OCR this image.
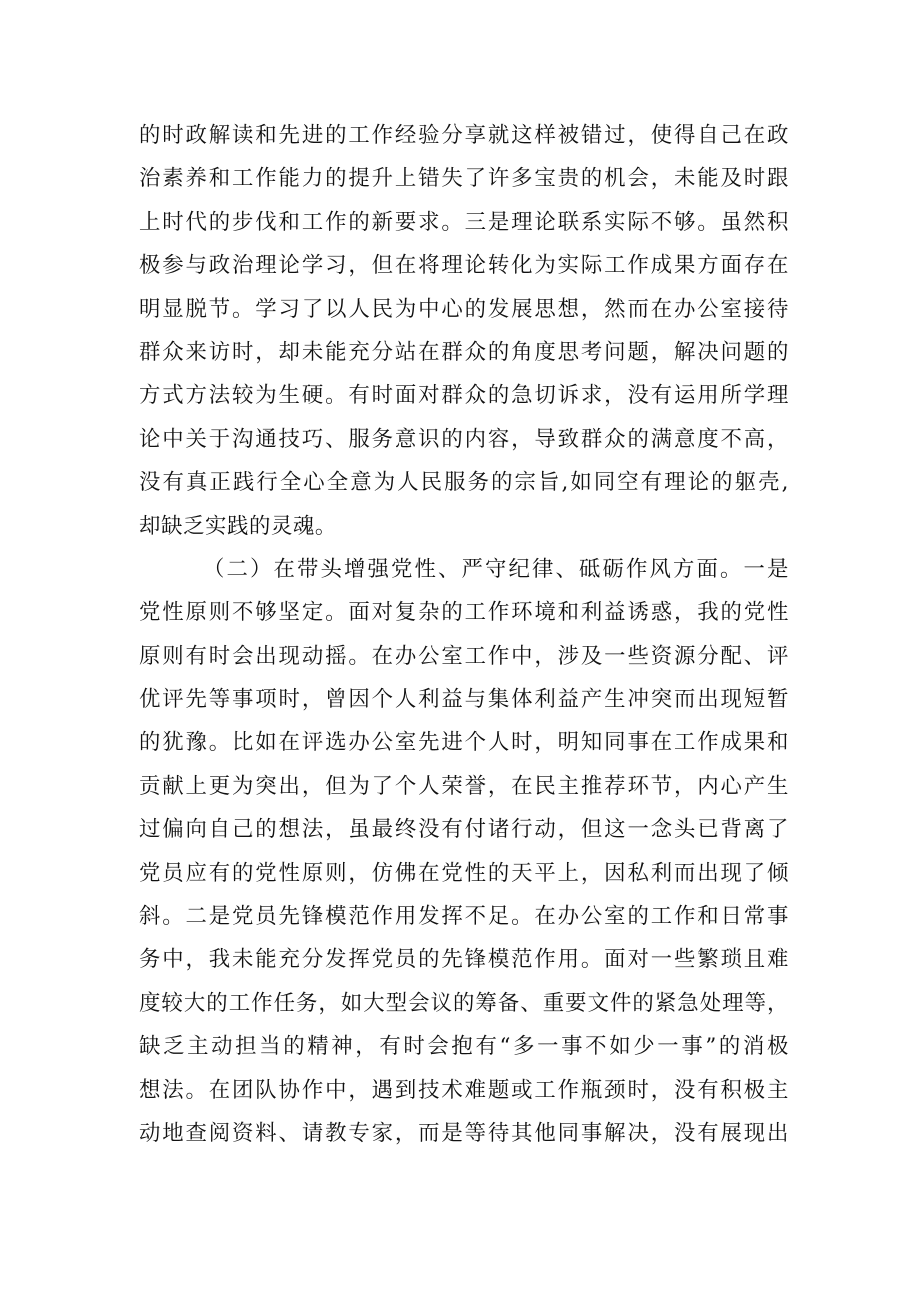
的时政解读和先进的工作经验分享就这样被错过，使得自己在政
治素养和工作能力的提升上错失了许多宝贵的机会，未能及时跟
上时代的步伐和工作的新要求。三是理论联系实际不够。虽然积
极参与政治理论学习，但在将理论转化为实际工作成果方面存在
明显脱节。学习了以人民为中心的发展思想，然而在办公室接待
群众来访时，却未能充分站在群众的角度思考问题，解决问题的
方式方法较为生硬。有时面对群众的急切诉求，没有运用所学理
论中关于沟通技巧、服务意识的内容，导致群众的满意度不高，
没有真正践行全心全意为人民服务的宗旨,如同空有理论的躯壳,
却缺乏实践的灵魂。
（二）在带头增强党性、严守纪律、砥砺作风方面。一是
党性原则不够坚定。面对复杂的工作环境和利益诱惑，我的党性
原则有时会出现动摇。在办公室工作中，涉及一些资源分配、评
优评先等事项时，曾因个人利益与集体利益产生冲突而出现短暂
的犹豫。比如在评选办公室先进个人时，明知同事在工作成果和
贡献上更为突出，但为了个人荣誉，在民主推荐环节，内心产生
过偏向自己的想法，虽最终没有付诸行动，但这一念头已背离了
党员应有的党性原则，仿佛在党性的天平上，因私利而出现了倾
斜。二是党员先锋模范作用发挥不足。在办公室的工作和日常事
务中，我未能充分发挥党员的先锋模范作用。面对一些繁琐且难
度较大的工作任务，如大型会议的筹备、重要文件的紧急处理等，
缺乏主动担当的精神，有时会抱有“多一事不如少一事”的消极
想法。在团队协作中，遇到技术难题或工作瓶颈时，没有积极主
动地查阅资料、请教专家，而是等待其他同事解决，没有展现出
